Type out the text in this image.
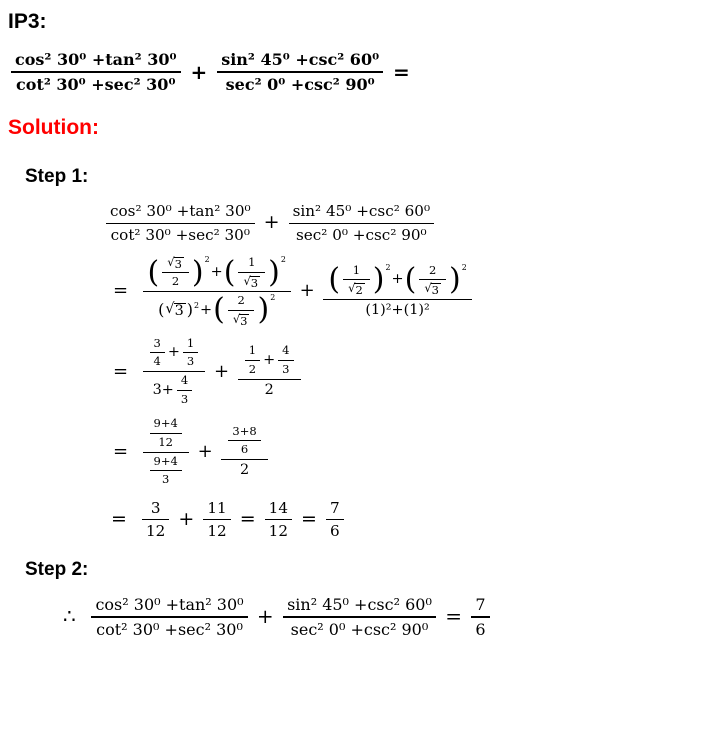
IP3:
$\frac{\text{cos² 30⁰ +tan² 30⁰}}{\text{cot² 30⁰ +sec² 30⁰}} + \frac{\text{sin² 45⁰ +csc² 60⁰}}{\text{sec² 0⁰ +csc² 90⁰}}$ =
Solution:
Step 1:
$\frac{\text{cos² 30⁰ +tan² 30⁰}}{\text{cot² 30⁰ +sec² 30⁰}} + \frac{\text{sin² 45⁰ +csc² 60⁰}}{\text{sec² 0⁰ +csc² 90⁰}}$
= ( $\frac{√ 3}{2}$ ) 2
+ ( $\frac{1}{√ 3}$ ) 2
( √ 3 ) 2 + ( $\frac{2}{√ 3}$ ) 2 + ( $\frac{1}{√ 2}$ ) 2
+ ( $\frac{2}{√ 3}$ ) 2
(1)²+(1)²
= $\frac{\frac{3}{4} + \frac{1}{3}}{3+ \frac{4}{3}} + \frac{\frac{1}{2} + \frac{4}{3}}{2}$
= $\frac{\frac{9+4}{12}}{\frac{9+4}{3}} + \frac{\frac{3+8}{6}}{2}$
= $\frac{3}{12} + \frac{11}{12} = \frac{14}{12} = \frac{7}{6}$
Step 2:
∴ $\frac{\text{cos² 30⁰ +tan² 30⁰}}{\text{cot² 30⁰ +sec² 30⁰}} + \frac{\text{sin² 45⁰ +csc² 60⁰}}{\text{sec² 0⁰ +csc² 90⁰}} = \frac{7}{6}$
